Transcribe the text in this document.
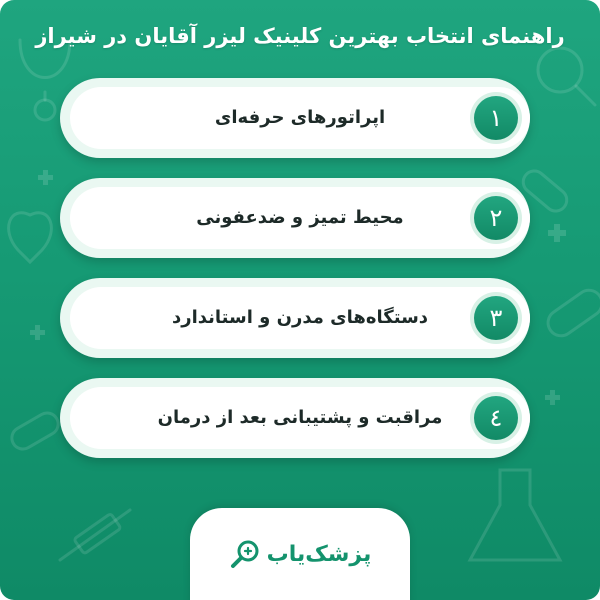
راهنمای انتخاب بهترین کلینیک لیزر آقایان در شیراز
اپراتورهای حرفه‌ای	١
محیط تمیز و ضدعفونی	٢
دستگاه‌های مدرن و استاندارد	٣
مراقبت و پشتیبانی بعد از درمان	٤
پزشک‌یاب
